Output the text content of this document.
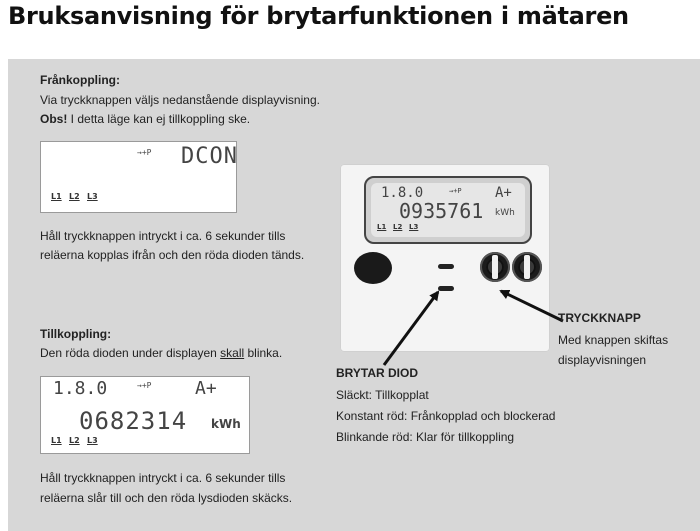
Bruksanvisning för brytarfunktionen i mätaren
Frånkoppling:
Via tryckknappen väljs nedanstående displayvisning.
Obs! I detta läge kan ej tillkoppling ske.
→+P DCON
L1 L2 L3
Håll tryckknappen intryckt i ca. 6 sekunder tills
reläerna kopplas ifrån och den röda dioden tänds.
Tillkoppling:
Den röda dioden under displayen skall blinka.
1.8.0	→+P A+
0682314 kWh
L1 L2 L3
Håll tryckknappen intryckt i ca. 6 sekunder tills
reläerna slår till och den röda lysdioden skäcks.
1.8.0	→+P A+
0935761 kWh
L1 L2 L3
TRYCKKNAPP
Med knappen skiftas
displayvisningen
BRYTAR DIOD
Släckt: Tillkopplat
Konstant röd: Frånkopplad och blockerad
Blinkande röd: Klar för tillkoppling
